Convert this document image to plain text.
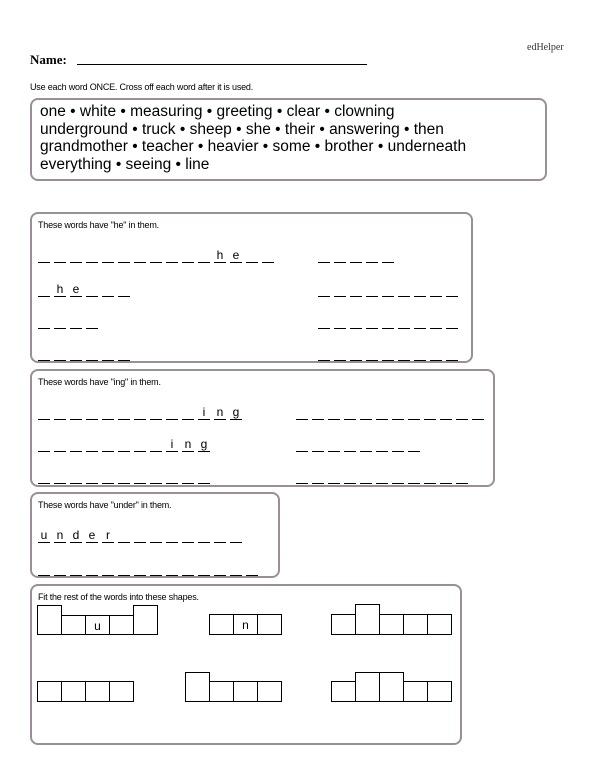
edHelper
Name:
Use each word ONCE. Cross off each word after it is used.
one • white • measuring • greeting • clear • clowning
underground • truck • sheep • she • their • answering • then
grandmother • teacher • heavier • some • brother • underneath
everything • seeing • line
These words have "he" in them.
h e
h e
These words have "ing" in them.
i n g
i n g
These words have "under" in them.
u n d e r
Fit the rest of the words into these shapes.
u	n
